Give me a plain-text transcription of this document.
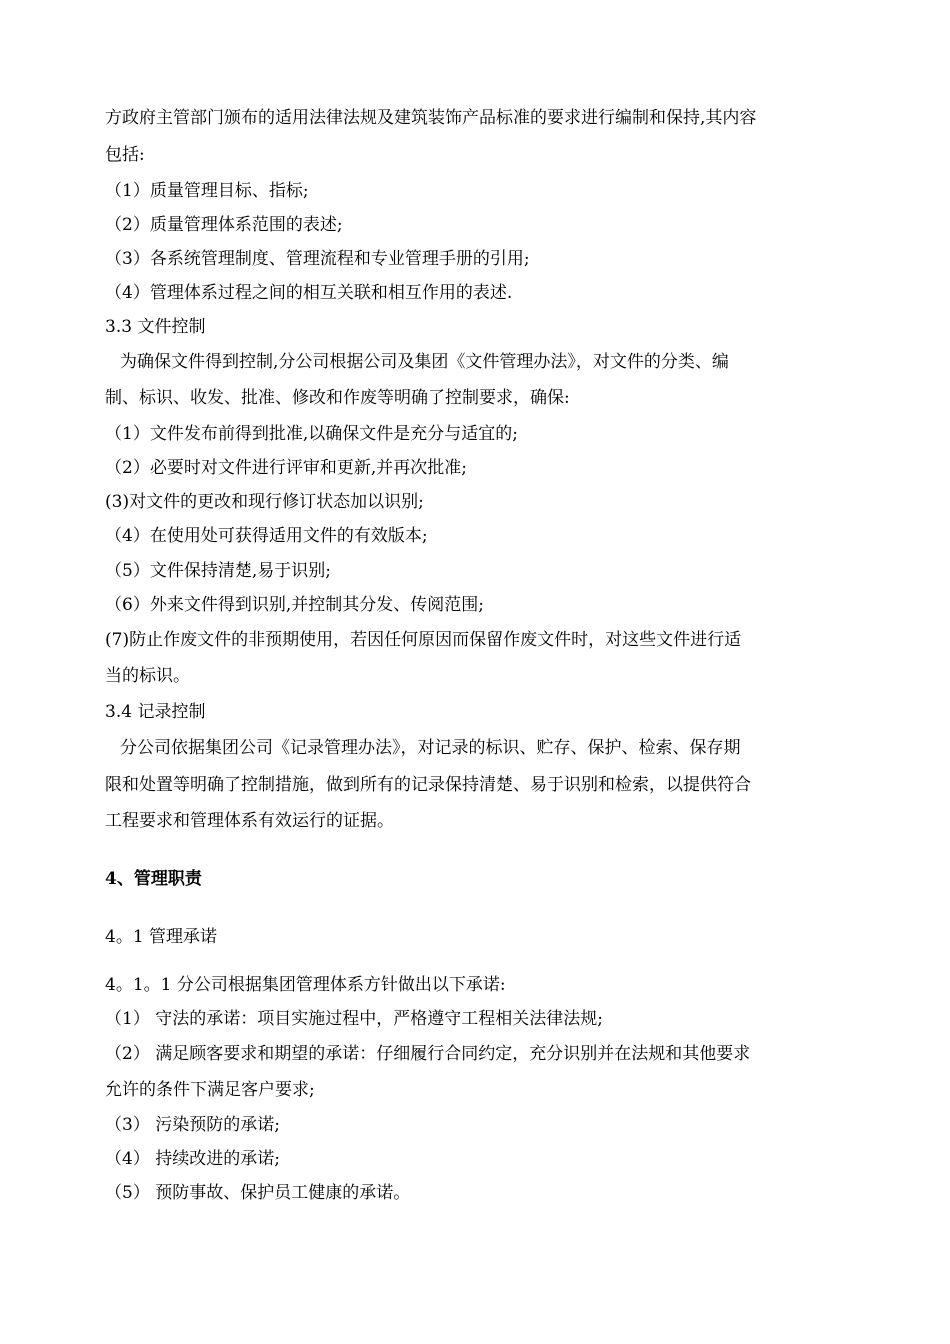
方政府主管部门颁布的适用法律法规及建筑装饰产品标准的要求进行编制和保持,其内容
包括:
（1）质量管理目标、指标;
（2）质量管理体系范围的表述;
（3）各系统管理制度、管理流程和专业管理手册的引用;
（4）管理体系过程之间的相互关联和相互作用的表述.
3.3 文件控制
为确保文件得到控制,分公司根据公司及集团《文件管理办法》，对文件的分类、编
制、标识、收发、批准、修改和作废等明确了控制要求，确保:
（1）文件发布前得到批准,以确保文件是充分与适宜的;
（2）必要时对文件进行评审和更新,并再次批准;
(3)对文件的更改和现行修订状态加以识别;
（4）在使用处可获得适用文件的有效版本;
（5）文件保持清楚,易于识别;
（6）外来文件得到识别,并控制其分发、传阅范围;
(7)防止作废文件的非预期使用，若因任何原因而保留作废文件时，对这些文件进行适
当的标识。
3.4 记录控制
分公司依据集团公司《记录管理办法》，对记录的标识、贮存、保护、检索、保存期
限和处置等明确了控制措施，做到所有的记录保持清楚、易于识别和检索，以提供符合
工程要求和管理体系有效运行的证据。
4、管理职责
4。1 管理承诺
4。1。1 分公司根据集团管理体系方针做出以下承诺:
（1） 守法的承诺：项目实施过程中，严格遵守工程相关法律法规;
（2） 满足顾客要求和期望的承诺：仔细履行合同约定，充分识别并在法规和其他要求
允许的条件下满足客户要求;
（3） 污染预防的承诺;
（4） 持续改进的承诺;
（5） 预防事故、保护员工健康的承诺。
